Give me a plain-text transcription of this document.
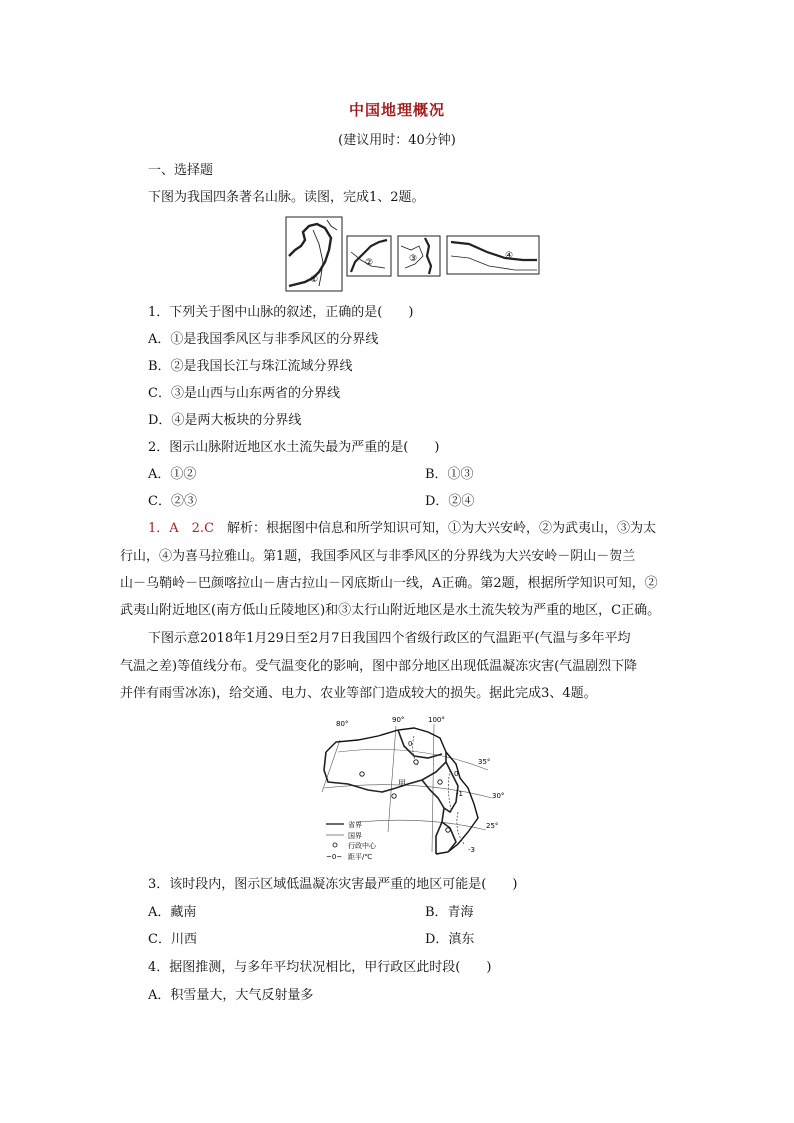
中国地理概况
(建议用时：40分钟)
一、选择题
下图为我国四条著名山脉。读图，完成1、2题。
①
②	③	④
1．下列关于图中山脉的叙述，正确的是(　　)
A．①是我国季风区与非季风区的分界线
B．②是我国长江与珠江流域分界线
C．③是山西与山东两省的分界线
D．④是两大板块的分界线
2．图示山脉附近地区水土流失最为严重的是(　　)
A．①②	B．①③
C．②③	D．②④
1．A　2.C　 解析：根据图中信息和所学知识可知，①为大兴安岭，②为武夷山，③为太
行山，④为喜马拉雅山。第1题，我国季风区与非季风区的分界线为大兴安岭－阴山－贺兰
山－乌鞘岭－巴颜喀拉山－唐古拉山－冈底斯山一线，A正确。第2题，根据所学知识可知，②
武夷山附近地区(南方低山丘陵地区)和③太行山附近地区是水土流失较为严重的地区，C正确。
下图示意2018年1月29日至2月7日我国四个省级行政区的气温距平(气温与多年平均
气温之差)等值线分布。受气温变化的影响，图中部分地区出现低温凝冻灾害(气温剧烈下降
并伴有雨雪冰冻)，给交通、电力、农业等部门造成较大的损失。据此完成3、4题。
80°	90°	100°
35°
30°
25°
0
0
-1
-3
甲
省界
国界
行政中心
~0~ 距平/℃
3．该时段内，图示区域低温凝冻灾害最严重的地区可能是(　　)
A．藏南	B．青海
C．川西	D．滇东
4．据图推测，与多年平均状况相比，甲行政区此时段(　　)
A．积雪量大，大气反射量多
